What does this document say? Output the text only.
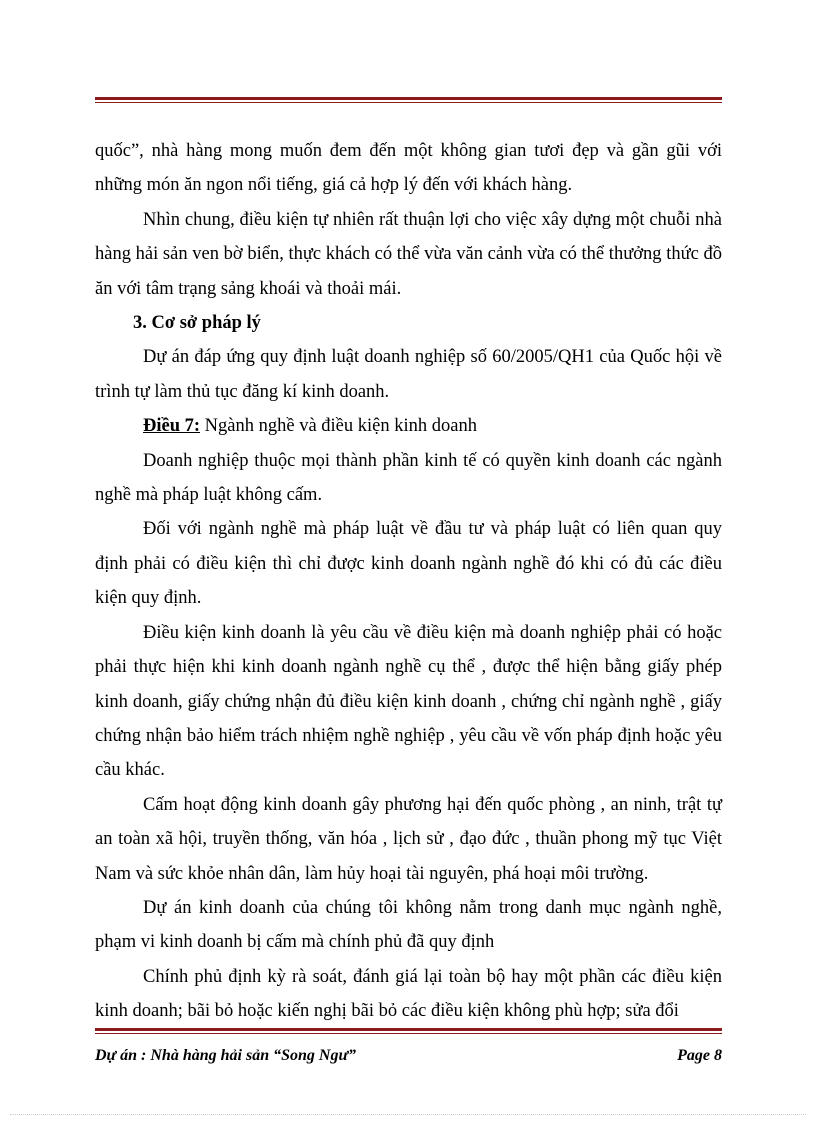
quốc”, nhà hàng mong muốn đem đến một không gian tươi đẹp và gần gũi với những món ăn ngon nổi tiếng, giá cả hợp lý đến với khách hàng.

Nhìn chung, điều kiện tự nhiên rất thuận lợi cho việc xây dựng một chuỗi nhà hàng hải sản ven bờ biển, thực khách có thể vừa văn cảnh vừa có thể thưởng thức đồ ăn với tâm trạng sảng khoái và thoải mái.

3. Cơ sở pháp lý

Dự án đáp ứng quy định luật doanh nghiệp số 60/2005/QH1 của Quốc hội về trình tự làm thủ tục đăng kí kinh doanh.

Điều 7: Ngành nghề và điều kiện kinh doanh

Doanh nghiệp thuộc mọi thành phần kinh tế có quyền kinh doanh các ngành nghề mà pháp luật không cấm.

Đối với ngành nghề mà pháp luật về đầu tư và pháp luật có liên quan quy định phải có điều kiện thì chỉ được kinh doanh ngành nghề đó khi có đủ các điều kiện quy định.

Điều kiện kinh doanh là yêu cầu về điều kiện mà doanh nghiệp phải có hoặc phải thực hiện khi kinh doanh ngành nghề cụ thể , được thể hiện bằng giấy phép kinh doanh, giấy chứng nhận đủ điều kiện kinh doanh , chứng chỉ ngành nghề , giấy chứng nhận bảo hiểm trách nhiệm nghề nghiệp , yêu cầu về vốn pháp định hoặc yêu cầu khác.

Cấm hoạt động kinh doanh gây phương hại đến quốc phòng , an ninh, trật tự an toàn xã hội, truyền thống, văn hóa , lịch sử , đạo đức , thuần phong mỹ tục Việt Nam và sức khỏe nhân dân, làm hủy hoại tài nguyên, phá hoại môi trường.

Dự án kinh doanh của chúng tôi không nằm trong danh mục ngành nghề, phạm vi kinh doanh bị cấm mà chính phủ đã quy định

Chính phủ định kỳ rà soát, đánh giá lại toàn bộ hay một phần các điều kiện kinh doanh; bãi bỏ hoặc kiến nghị bãi bỏ các điều kiện không phù hợp; sửa đổi

Dự án : Nhà hàng hải sản “Song Ngư”	Page 8
